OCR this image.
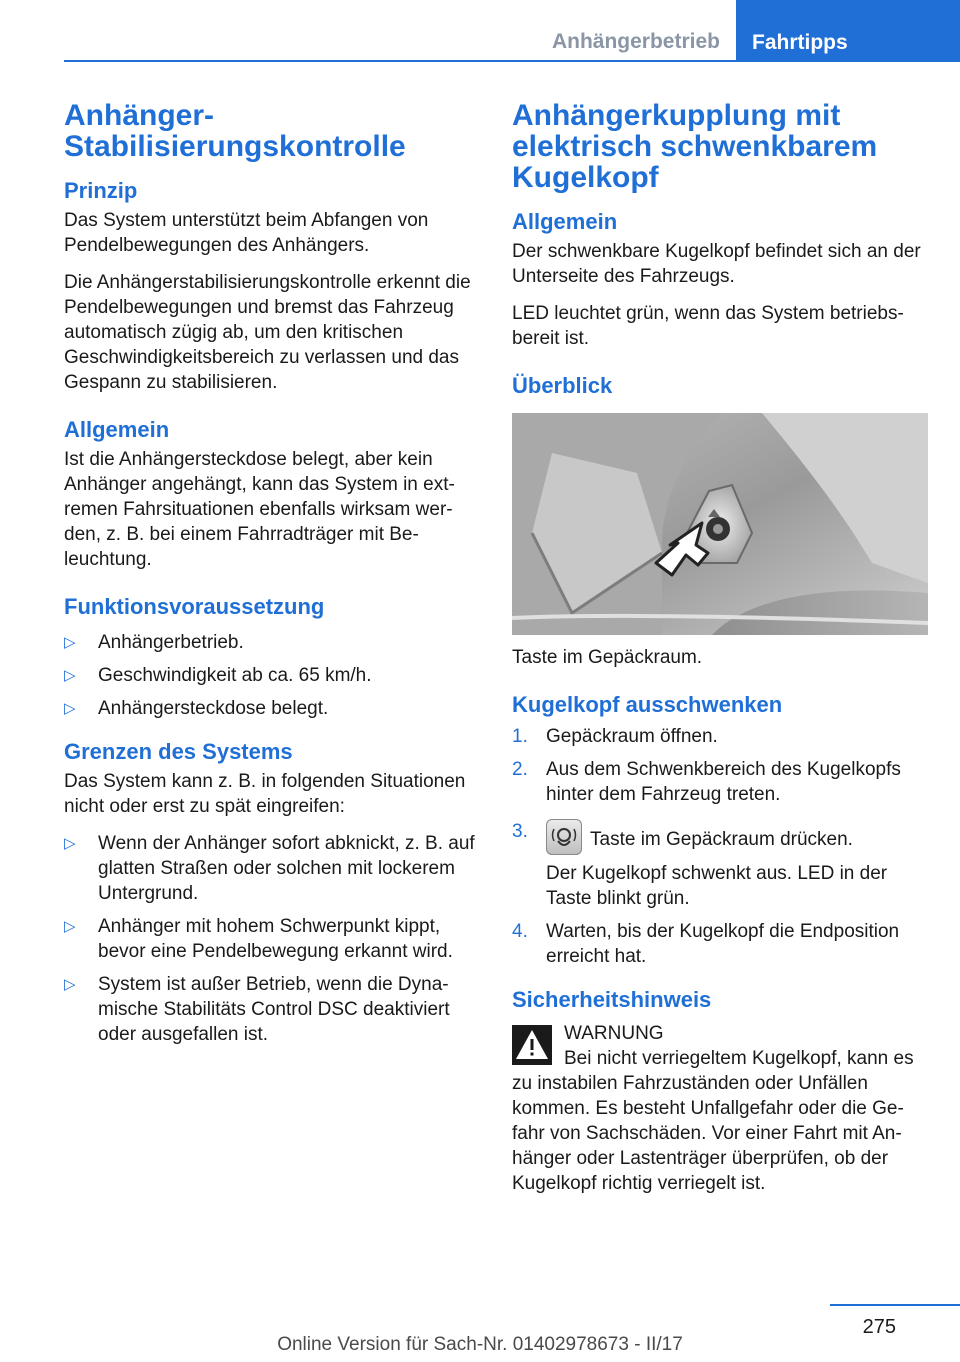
Anhängerbetrieb	Fahrtipps
Anhänger-Stabilisierungskontrolle
Prinzip

Das System unterstützt beim Abfangen von Pendelbewegungen des Anhängers.

Die Anhängerstabilisierungskontrolle erkennt die Pendelbewegungen und bremst das Fahrzeug automatisch zügig ab, um den kritischen Geschwindigkeitsbereich zu verlassen und das Gespann zu stabilisieren.

Allgemein

Ist die Anhängersteckdose belegt, aber kein Anhänger angehängt, kann das System in extremen Fahrsituationen ebenfalls wirksam werden, z. B. bei einem Fahrradträger mit Beleuchtung.

Funktionsvoraussetzung
▷ Anhängerbetrieb.
▷ Geschwindigkeit ab ca. 65 km/h.
▷ Anhängersteckdose belegt.
Grenzen des Systems

Das System kann z. B. in folgenden Situationen nicht oder erst zu spät eingreifen:

▷ Wenn der Anhänger sofort abknickt, z. B. auf glatten Straßen oder solchen mit lockerem Untergrund.
▷ Anhänger mit hohem Schwerpunkt kippt, bevor eine Pendelbewegung erkannt wird.
▷ System ist außer Betrieb, wenn die Dynamische Stabilitäts Control DSC deaktiviert oder ausgefallen ist.
Anhängerkupplung mit elektrisch schwenkbarem Kugelkopf
Allgemein

Der schwenkbare Kugelkopf befindet sich an der Unterseite des Fahrzeugs.

LED leuchtet grün, wenn das System betriebsbereit ist.

Überblick

Taste im Gepäckraum.

Kugelkopf ausschwenken
1. Gepäckraum öffnen.
2. Aus dem Schwenkbereich des Kugelkopfs hinter dem Fahrzeug treten.
3.	Taste im Gepäckraum drücken.
Der Kugelkopf schwenkt aus. LED in der Taste blinkt grün.
4. Warten, bis der Kugelkopf die Endposition erreicht hat.
Sicherheitshinweis

WARNUNG

Bei nicht verriegeltem Kugelkopf, kann es zu instabilen Fahrzuständen oder Unfällen kommen. Es besteht Unfallgefahr oder die Gefahr von Sachschäden. Vor einer Fahrt mit Anhänger oder Lastenträger überprüfen, ob der Kugelkopf richtig verriegelt ist.

275
Online Version für Sach-Nr. 01402978673 - II/17
